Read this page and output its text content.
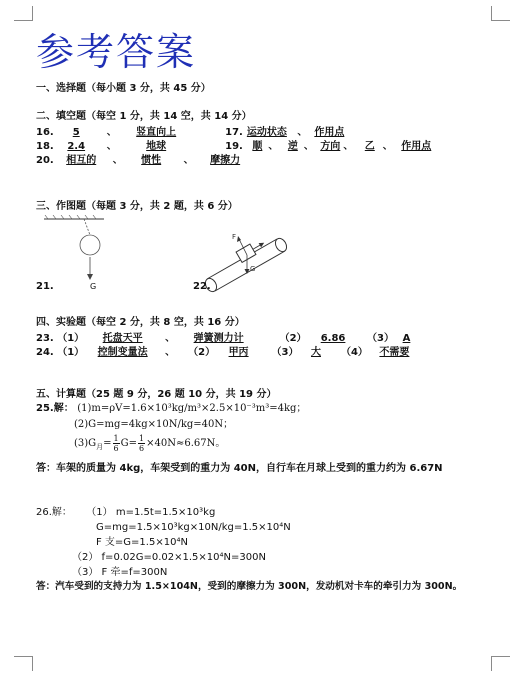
参考答案
一、选择题（每小题 3 分，共 45 分）
二、填空题（每空 1 分，共 14 空，共 14 分）
16. 5	、 竖直向上	17. 运动状态 、 作用点
18. 2.4 、	地球	19. 顺 、 逆 、 方向 、 乙 、 作用点
20. 相互的 、 惯性 、 摩擦力
三、作图题（每题 3 分，共 2 题，共 6 分）
21.	G
G
F
22.
四、实验题（每空 2 分，共 8 空，共 16 分）
23. （1） 托盘天平 、 弹簧测力计	（2） 6.86 （3） A
24. （1） 控制变量法 、 （2） 甲丙 （3） 大 （4） 不需要
五、计算题（25 题 9 分，26 题 10 分，共 19 分）
25.解： (1)m=ρV=1.6×10³kg/m³×2.5×10⁻³m³=4kg；
(2)G=mg=4kg×10N/kg=40N；
$(3)G_月= \frac{1}{6} G= \frac{1}{6} \times 40N\approx 6.67N$。
答：车架的质量为 4kg，车架受到的重力为 40N，自行车在月球上受到的重力约为 6.67N
26.解： （1） m=1.5t=1.5×10³kg
G=mg=1.5×10³kg×10N/kg=1.5×10⁴N
F 支=G=1.5×10⁴N
（2） f=0.02G=0.02×1.5×10⁴N=300N
（3） F 牵=f=300N
答：汽车受到的支持力为 1.5×104N，受到的摩擦力为 300N，发动机对卡车的牵引力为 300N。
